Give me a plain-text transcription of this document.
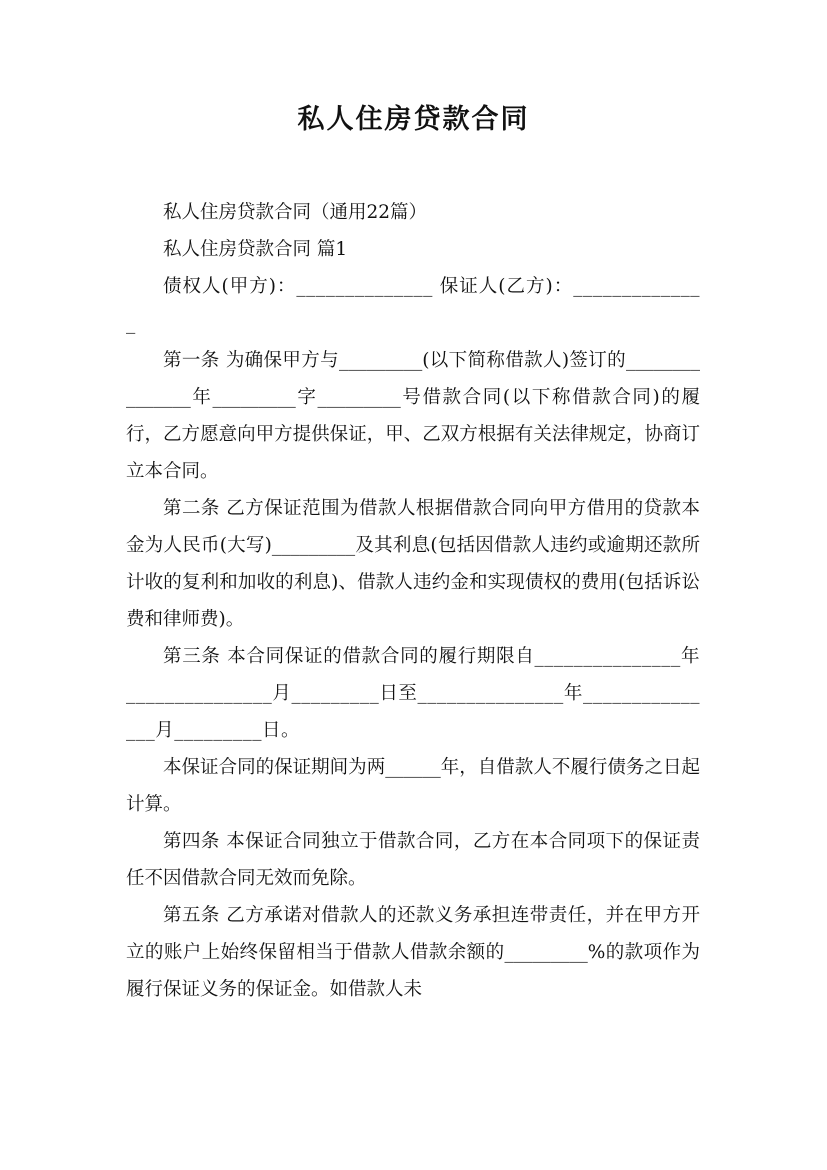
私人住房贷款合同

私人住房贷款合同（通用22篇）

私人住房贷款合同 篇1

债权人(甲方)：______________ 保证人(乙方)：______________

第一条 为确保甲方与_________(以下简称借款人)签订的_______________年_________字_________号借款合同(以下称借款合同)的履行，乙方愿意向甲方提供保证，甲、乙双方根据有关法律规定，协商订立本合同。

第二条 乙方保证范围为借款人根据借款合同向甲方借用的贷款本金为人民币(大写)_________及其利息(包括因借款人违约或逾期还款所计收的复利和加收的利息)、借款人违约金和实现债权的费用(包括诉讼费和律师费)。

第三条 本合同保证的借款合同的履行期限自_______________年_______________月_________日至_______________年_______________月_________日。

本保证合同的保证期间为两______年，自借款人不履行债务之日起计算。

第四条 本保证合同独立于借款合同，乙方在本合同项下的保证责任不因借款合同无效而免除。

第五条 乙方承诺对借款人的还款义务承担连带责任，并在甲方开立的账户上始终保留相当于借款人借款余额的_________%的款项作为履行保证义务的保证金。如借款人未
